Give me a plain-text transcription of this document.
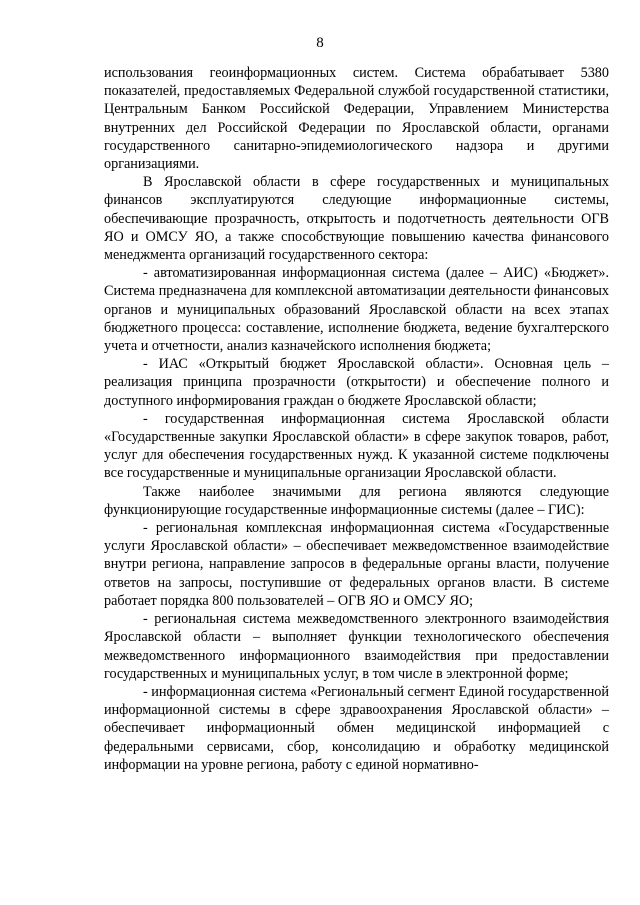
8

использования геоинформационных систем. Система обрабатывает 5380 показателей, предоставляемых Федеральной службой государственной статистики, Центральным Банком Российской Федерации, Управлением Министерства внутренних дел Российской Федерации по Ярославской области, органами государственного санитарно-эпидемиологического надзора и другими организациями.

В Ярославской области в сфере государственных и муниципальных финансов эксплуатируются следующие информационные системы, обеспечивающие прозрачность, открытость и подотчетность деятельности ОГВ ЯО и ОМСУ ЯО, а также способствующие повышению качества финансового менеджмента организаций государственного сектора:

- автоматизированная информационная система (далее – АИС) «Бюджет». Система предназначена для комплексной автоматизации деятельности финансовых органов и муниципальных образований Ярославской области на всех этапах бюджетного процесса: составление, исполнение бюджета, ведение бухгалтерского учета и отчетности, анализ казначейского исполнения бюджета;

- ИАС «Открытый бюджет Ярославской области». Основная цель – реализация принципа прозрачности (открытости) и обеспечение полного и доступного информирования граждан о бюджете Ярославской области;

- государственная информационная система Ярославской области «Государственные закупки Ярославской области» в сфере закупок товаров, работ, услуг для обеспечения государственных нужд. К указанной системе подключены все государственные и муниципальные организации Ярославской области.

Также наиболее значимыми для региона являются следующие функционирующие государственные информационные системы (далее – ГИС):

- региональная комплексная информационная система «Государственные услуги Ярославской области» – обеспечивает межведомственное взаимодействие внутри региона, направление запросов в федеральные органы власти, получение ответов на запросы, поступившие от федеральных органов власти. В системе работает порядка 800 пользователей – ОГВ ЯО и ОМСУ ЯО;

- региональная система межведомственного электронного взаимодействия Ярославской области – выполняет функции технологического обеспечения межведомственного информационного взаимодействия при предоставлении государственных и муниципальных услуг, в том числе в электронной форме;

- информационная система «Региональный сегмент Единой государственной информационной системы в сфере здравоохранения Ярославской области» – обеспечивает информационный обмен медицинской информацией с федеральными сервисами, сбор, консолидацию и обработку медицинской информации на уровне региона, работу с единой нормативно-
